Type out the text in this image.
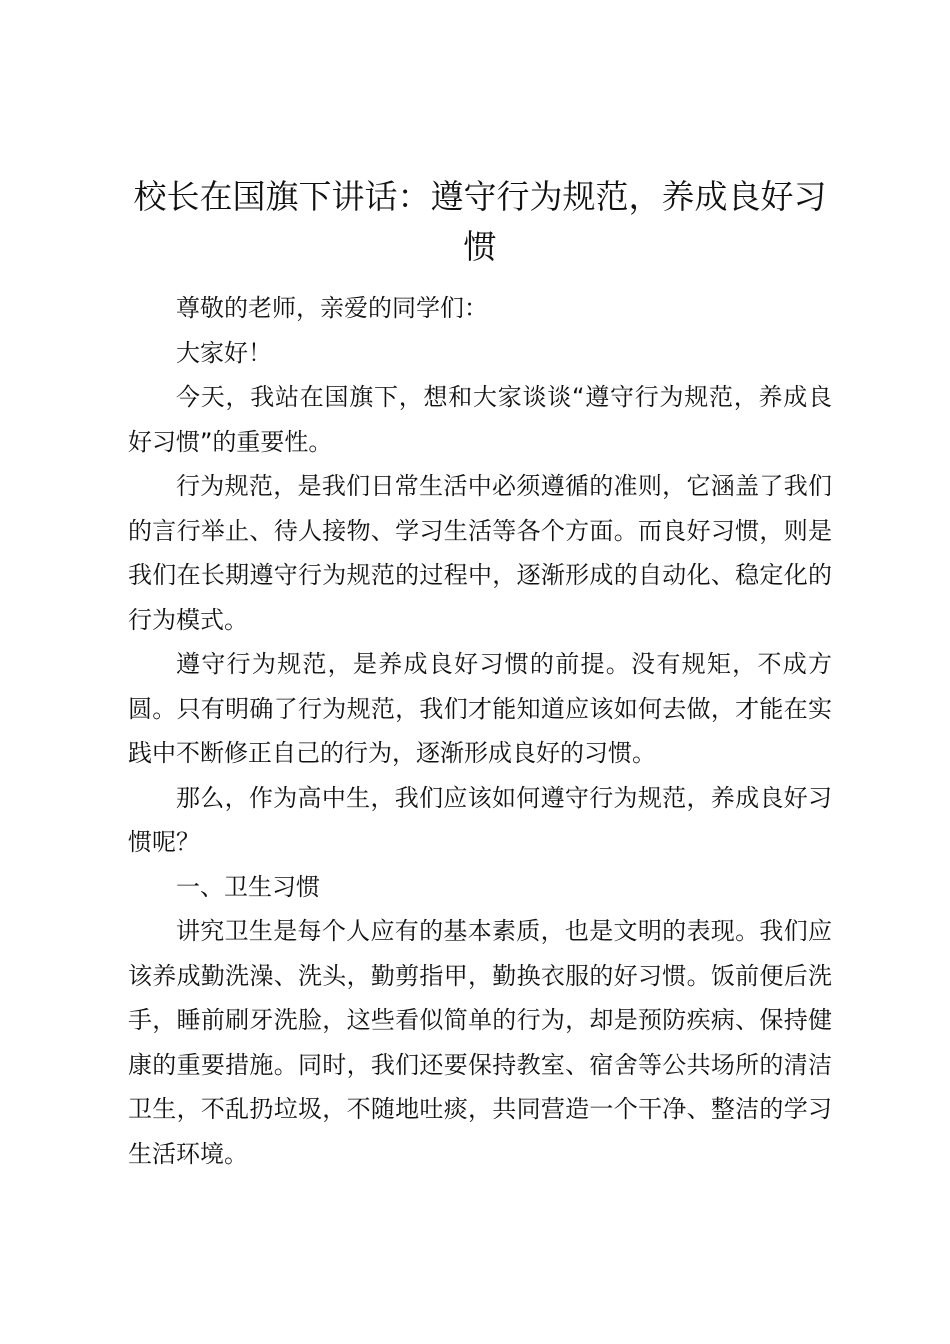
校长在国旗下讲话：遵守行为规范，养成良好习惯

尊敬的老师，亲爱的同学们：

大家好！

今天，我站在国旗下，想和大家谈谈“遵守行为规范，养成良好习惯”的重要性。

行为规范，是我们日常生活中必须遵循的准则，它涵盖了我们的言行举止、待人接物、学习生活等各个方面。而良好习惯，则是我们在长期遵守行为规范的过程中，逐渐形成的自动化、稳定化的行为模式。

遵守行为规范，是养成良好习惯的前提。没有规矩，不成方圆。只有明确了行为规范，我们才能知道应该如何去做，才能在实践中不断修正自己的行为，逐渐形成良好的习惯。

那么，作为高中生，我们应该如何遵守行为规范，养成良好习惯呢？

一、卫生习惯

讲究卫生是每个人应有的基本素质，也是文明的表现。我们应该养成勤洗澡、洗头，勤剪指甲，勤换衣服的好习惯。饭前便后洗手，睡前刷牙洗脸，这些看似简单的行为，却是预防疾病、保持健康的重要措施。同时，我们还要保持教室、宿舍等公共场所的清洁卫生，不乱扔垃圾，不随地吐痰，共同营造一个干净、整洁的学习生活环境。
